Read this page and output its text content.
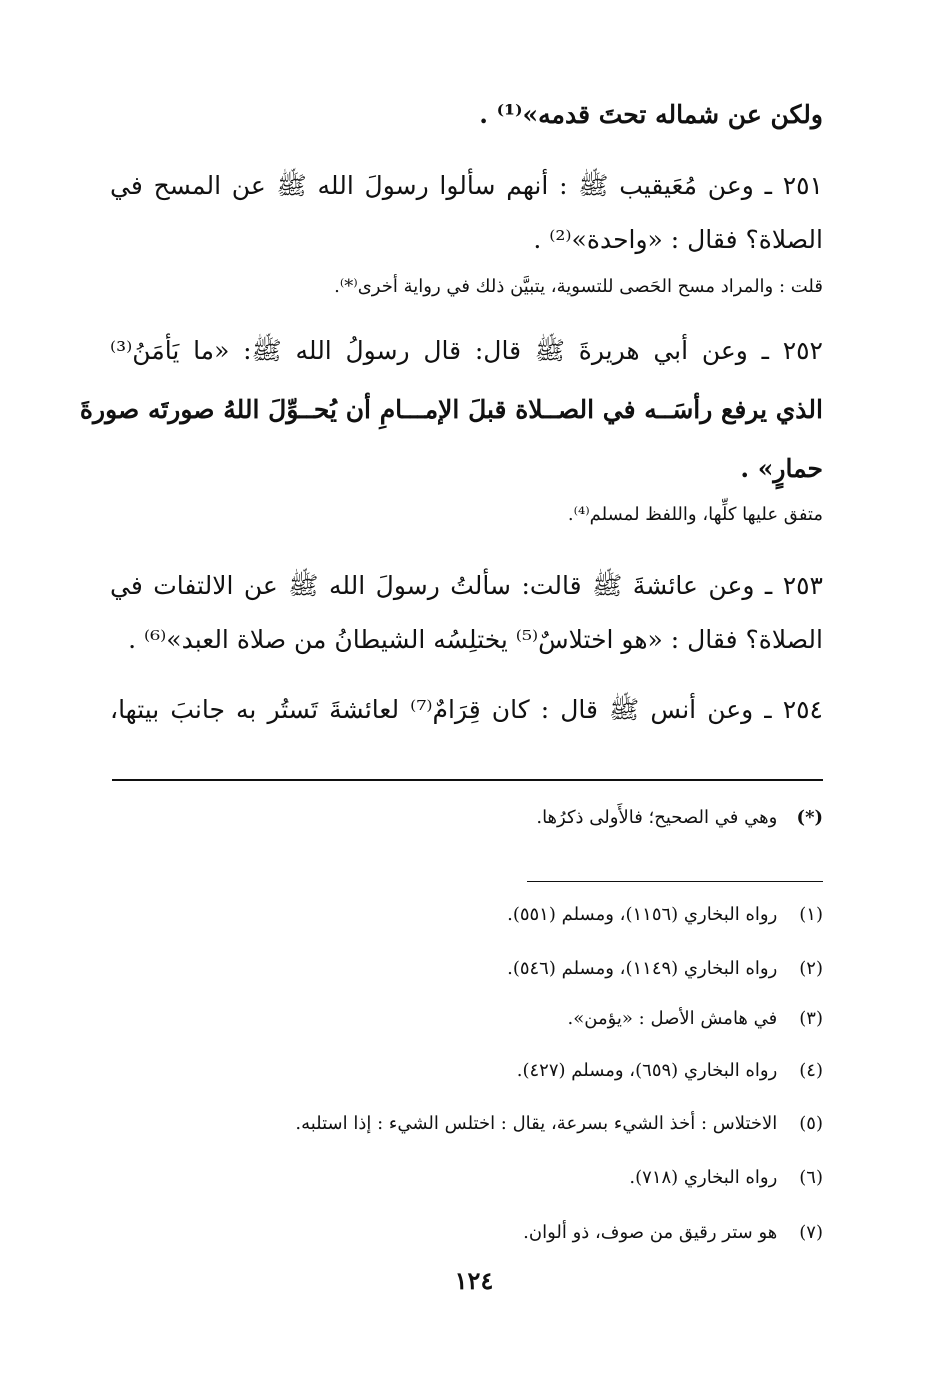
ولكن عن شماله تحتَ قدمه»⁽¹⁾ .
٢٥١ ـ وعن مُعَيقيب ﷺ : أنهم سألوا رسولَ الله ﷺ عن المسح في
الصلاة؟ فقال : «واحدة»⁽²⁾ .
قلت : والمراد مسح الحَصى للتسوية، يتبيَّن ذلك في رواية أخرى⁽*⁾.
٢٥٢ ـ وعن أبي هريرةَ ﷺ قال: قال رسولُ الله ﷺ: «ما يَأمَنُ⁽³⁾
الذي يرفع رأسَــه في الصــلاة قبلَ الإمـــامِ أن يُحــوِّلَ اللهُ صورتَه صورةَ
حمارٍ» .
متفق عليها كلِّها، واللفظ لمسلم⁽⁴⁾.
٢٥٣ ـ وعن عائشةَ ﷺ قالت: سألتُ رسولَ الله ﷺ عن الالتفات في
الصلاة؟ فقال : «هو اختلاسٌ⁽⁵⁾ يختلِسُه الشيطانُ من صلاة العبد»⁽⁶⁾ .
٢٥٤ ـ وعن أنس ﷺ قال : كان قِرَامٌ⁽⁷⁾ لعائشةَ تَستُر به جانبَ بيتها،
(*) وهي في الصحيح؛ فالأَولى ذكرُها.
(١) رواه البخاري (١١٥٦)، ومسلم (٥٥١).
(٢) رواه البخاري (١١٤٩)، ومسلم (٥٤٦).
(٣) في هامش الأصل : «يؤمن».
(٤) رواه البخاري (٦٥٩)، ومسلم (٤٢٧).
(٥) الاختلاس : أخذ الشيء بسرعة، يقال : اختلس الشيء : إذا استلبه.
(٦) رواه البخاري (٧١٨).
(٧) هو ستر رقيق من صوف، ذو ألوان.
١٢٤
